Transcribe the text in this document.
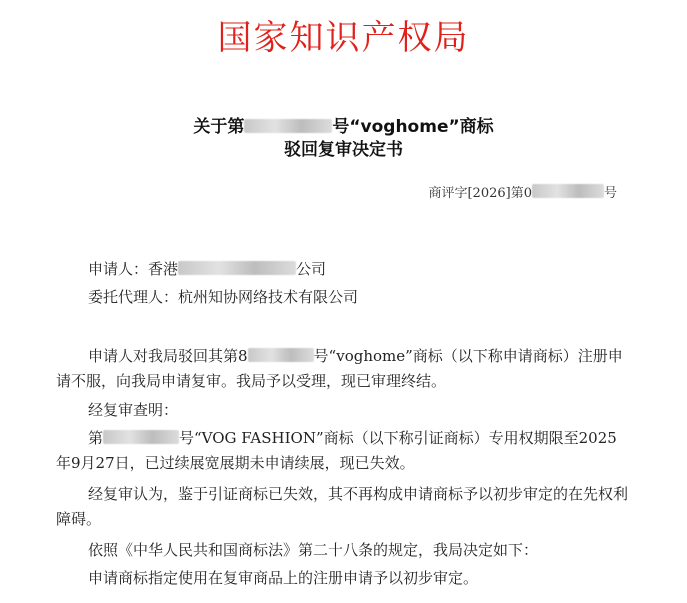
国家知识产权局
关于第	号“voghome”商标
驳回复审决定书
商评字[2026]第0	号

申请人：香港	公司

委托代理人：杭州知协网络技术有限公司

申请人对我局驳回其第8	号“voghome”商标（以下称申请商标）注册申请不服，向我局申请复审。我局予以受理，现已审理终结。

经复审查明：

第	号“VOG FASHION”商标（以下称引证商标）专用权期限至2025年9月27日，已过续展宽展期未申请续展，现已失效。

经复审认为，鉴于引证商标已失效，其不再构成申请商标予以初步审定的在先权利障碍。

依照《中华人民共和国商标法》第二十八条的规定，我局决定如下：

申请商标指定使用在复审商品上的注册申请予以初步审定。
